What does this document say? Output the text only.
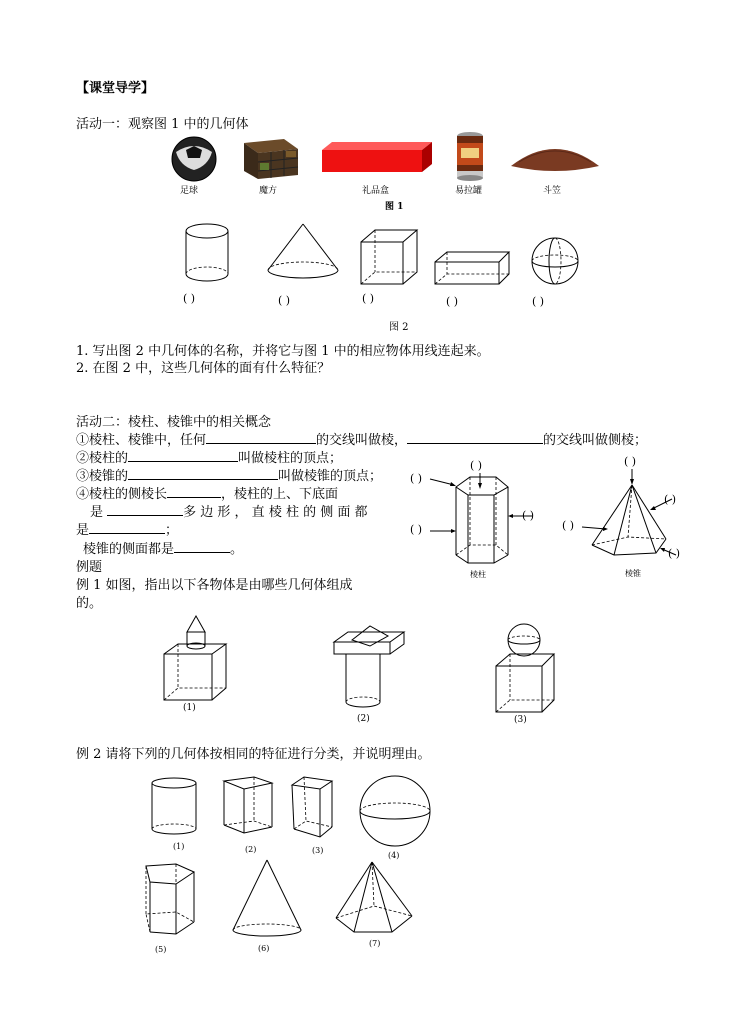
【课堂导学】
活动一：观察图 1 中的几何体
足球	魔方	礼品盒	易拉罐	斗笠
图 1
( )	( )	( )	( )	( )
图 2
1. 写出图 2 中几何体的名称，并将它与图 1 中的相应物体用线连起来。
2. 在图 2 中，这些几何体的面有什么特征？
活动二：棱柱、棱锥中的相关概念
①棱柱、棱锥中，任何	的交线叫做棱，	的交线叫做侧棱；
②棱柱的	叫做棱柱的顶点；
③棱锥的	叫做棱锥的顶点；
④棱柱的侧棱长	，棱柱的上、下底面
是	多 边 形 ， 直 棱 柱 的 侧 面 都
是	；
棱锥的侧面都是	。
( )
( )
( )
( )
棱柱
( )
( )
( )
( )
棱锥
例题
例 1 如图，指出以下各物体是由哪些几何体组成
的。
(1)
(2)	(3)
例 2 请将下列的几何体按相同的特征进行分类，并说明理由。
(1)	(2)	(3)
(4)
(5)	(6)
(7)
